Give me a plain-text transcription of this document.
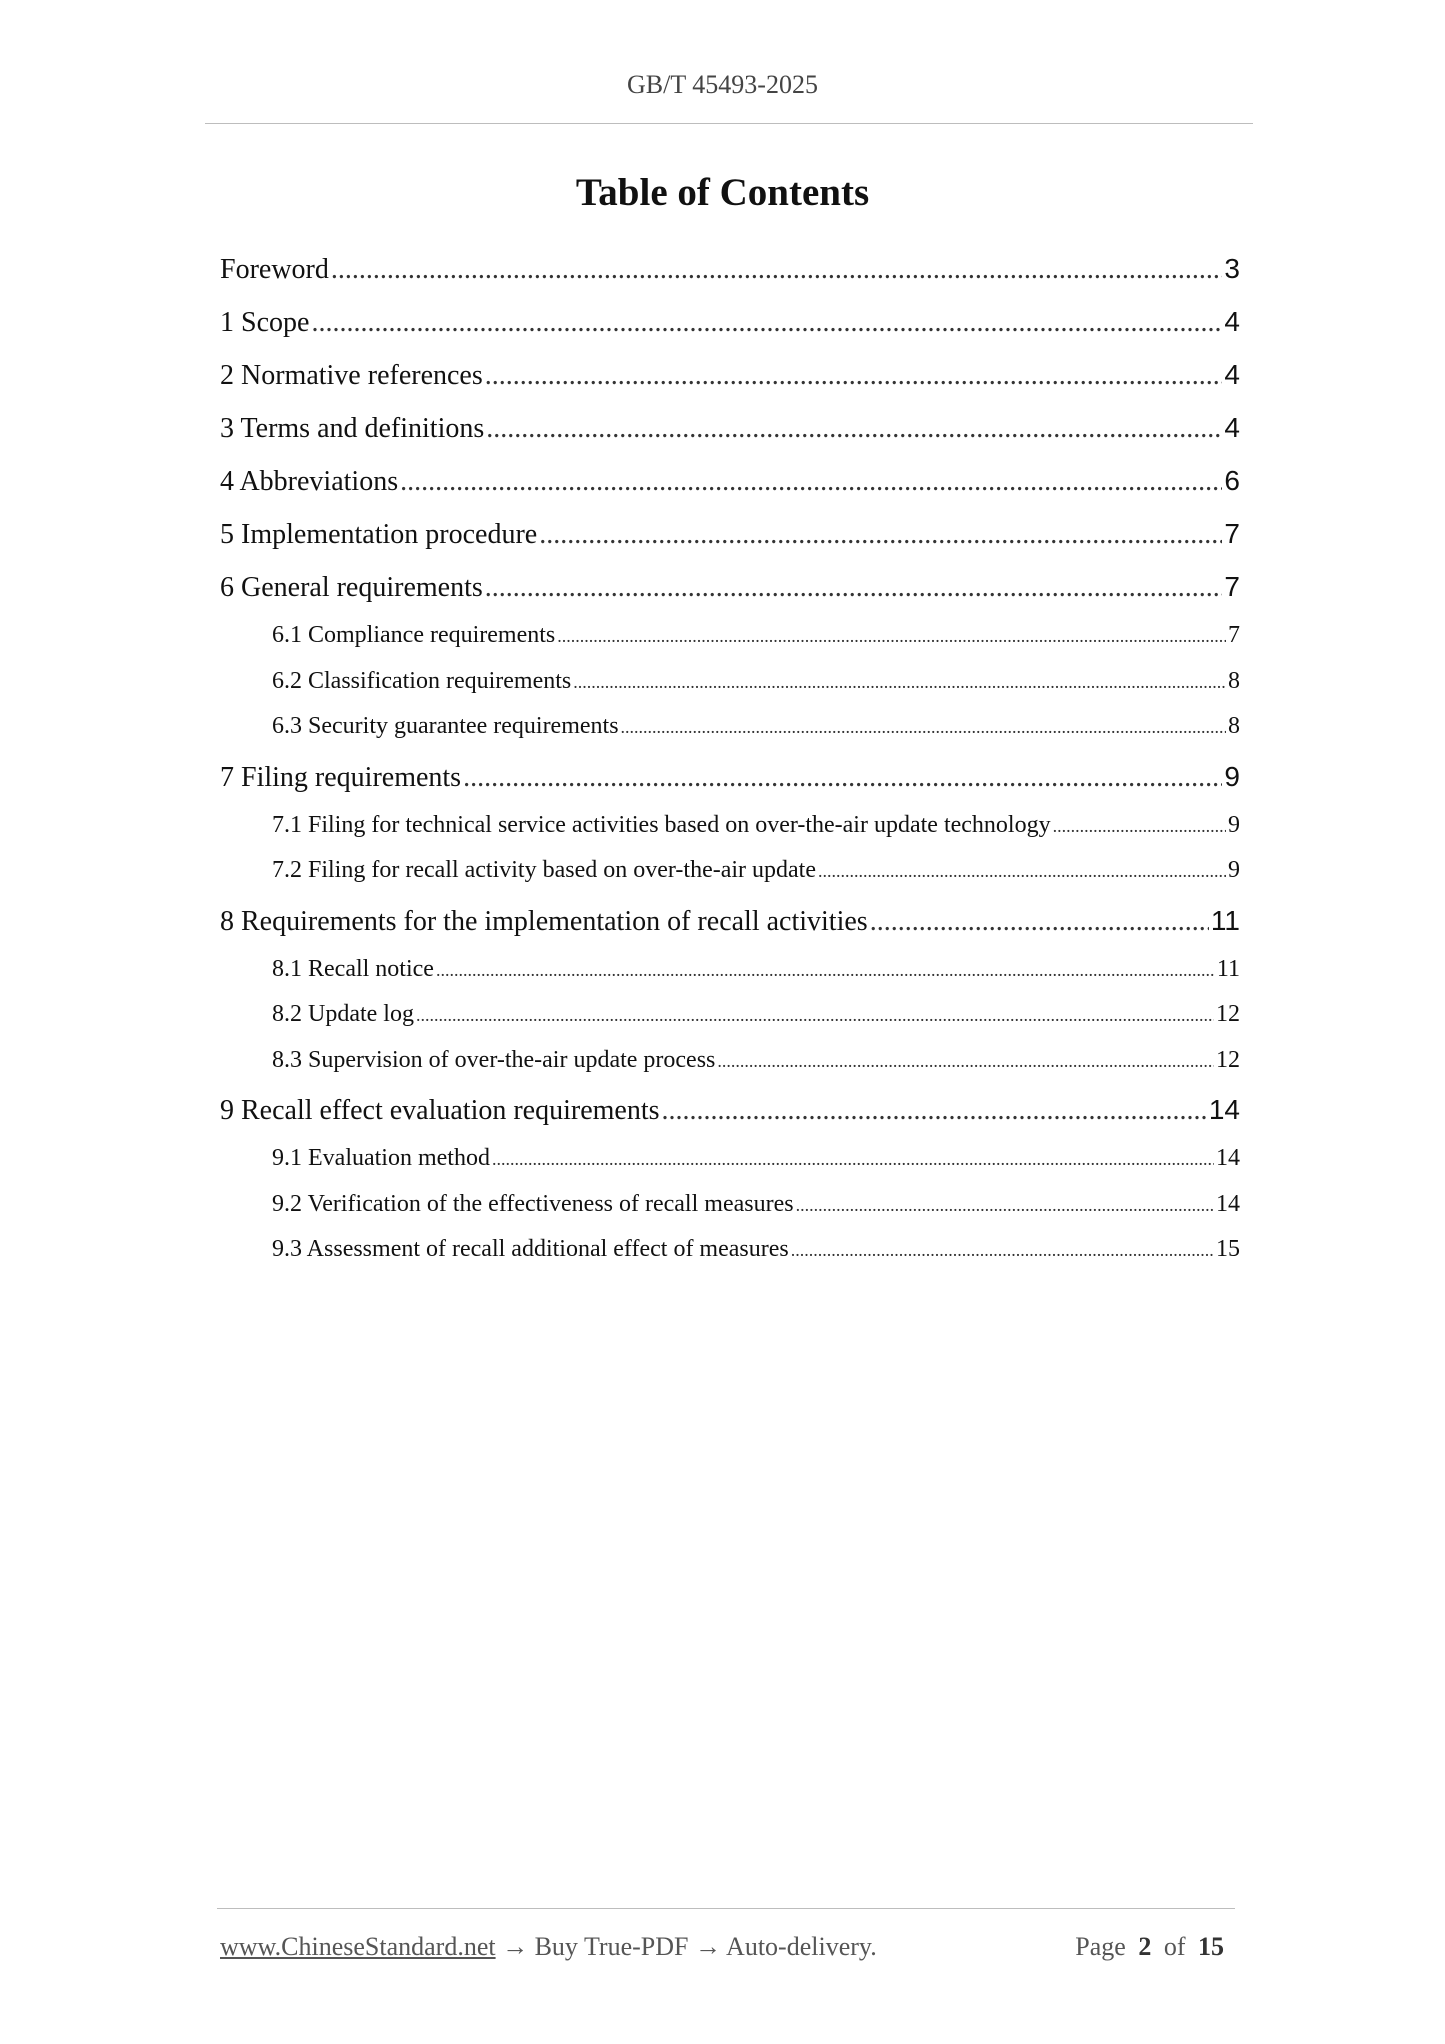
GB/T 45493-2025
Table of Contents
Foreword .....	3
1 Scope .....	4
2 Normative references .....	4
3 Terms and definitions .....	4
4 Abbreviations .....	6
5 Implementation procedure .....	7
6 General requirements .....	7
6.1 Compliance requirements .....	7
6.2 Classification requirements .....	8
6.3 Security guarantee requirements .....	8
7 Filing requirements .....	9
7.1 Filing for technical service activities based on over-the-air update technology .....	9
7.2 Filing for recall activity based on over-the-air update .....	9
8 Requirements for the implementation of recall activities .....	11
8.1 Recall notice .....	11
8.2 Update log .....	12
8.3 Supervision of over-the-air update process .....	12
9 Recall effect evaluation requirements .....	14
9.1 Evaluation method .....	14
9.2 Verification of the effectiveness of recall measures .....	14
9.3 Assessment of recall additional effect of measures .....	15
www.ChineseStandard.net → Buy True-PDF → Auto-delivery.	Page 2 of 15
